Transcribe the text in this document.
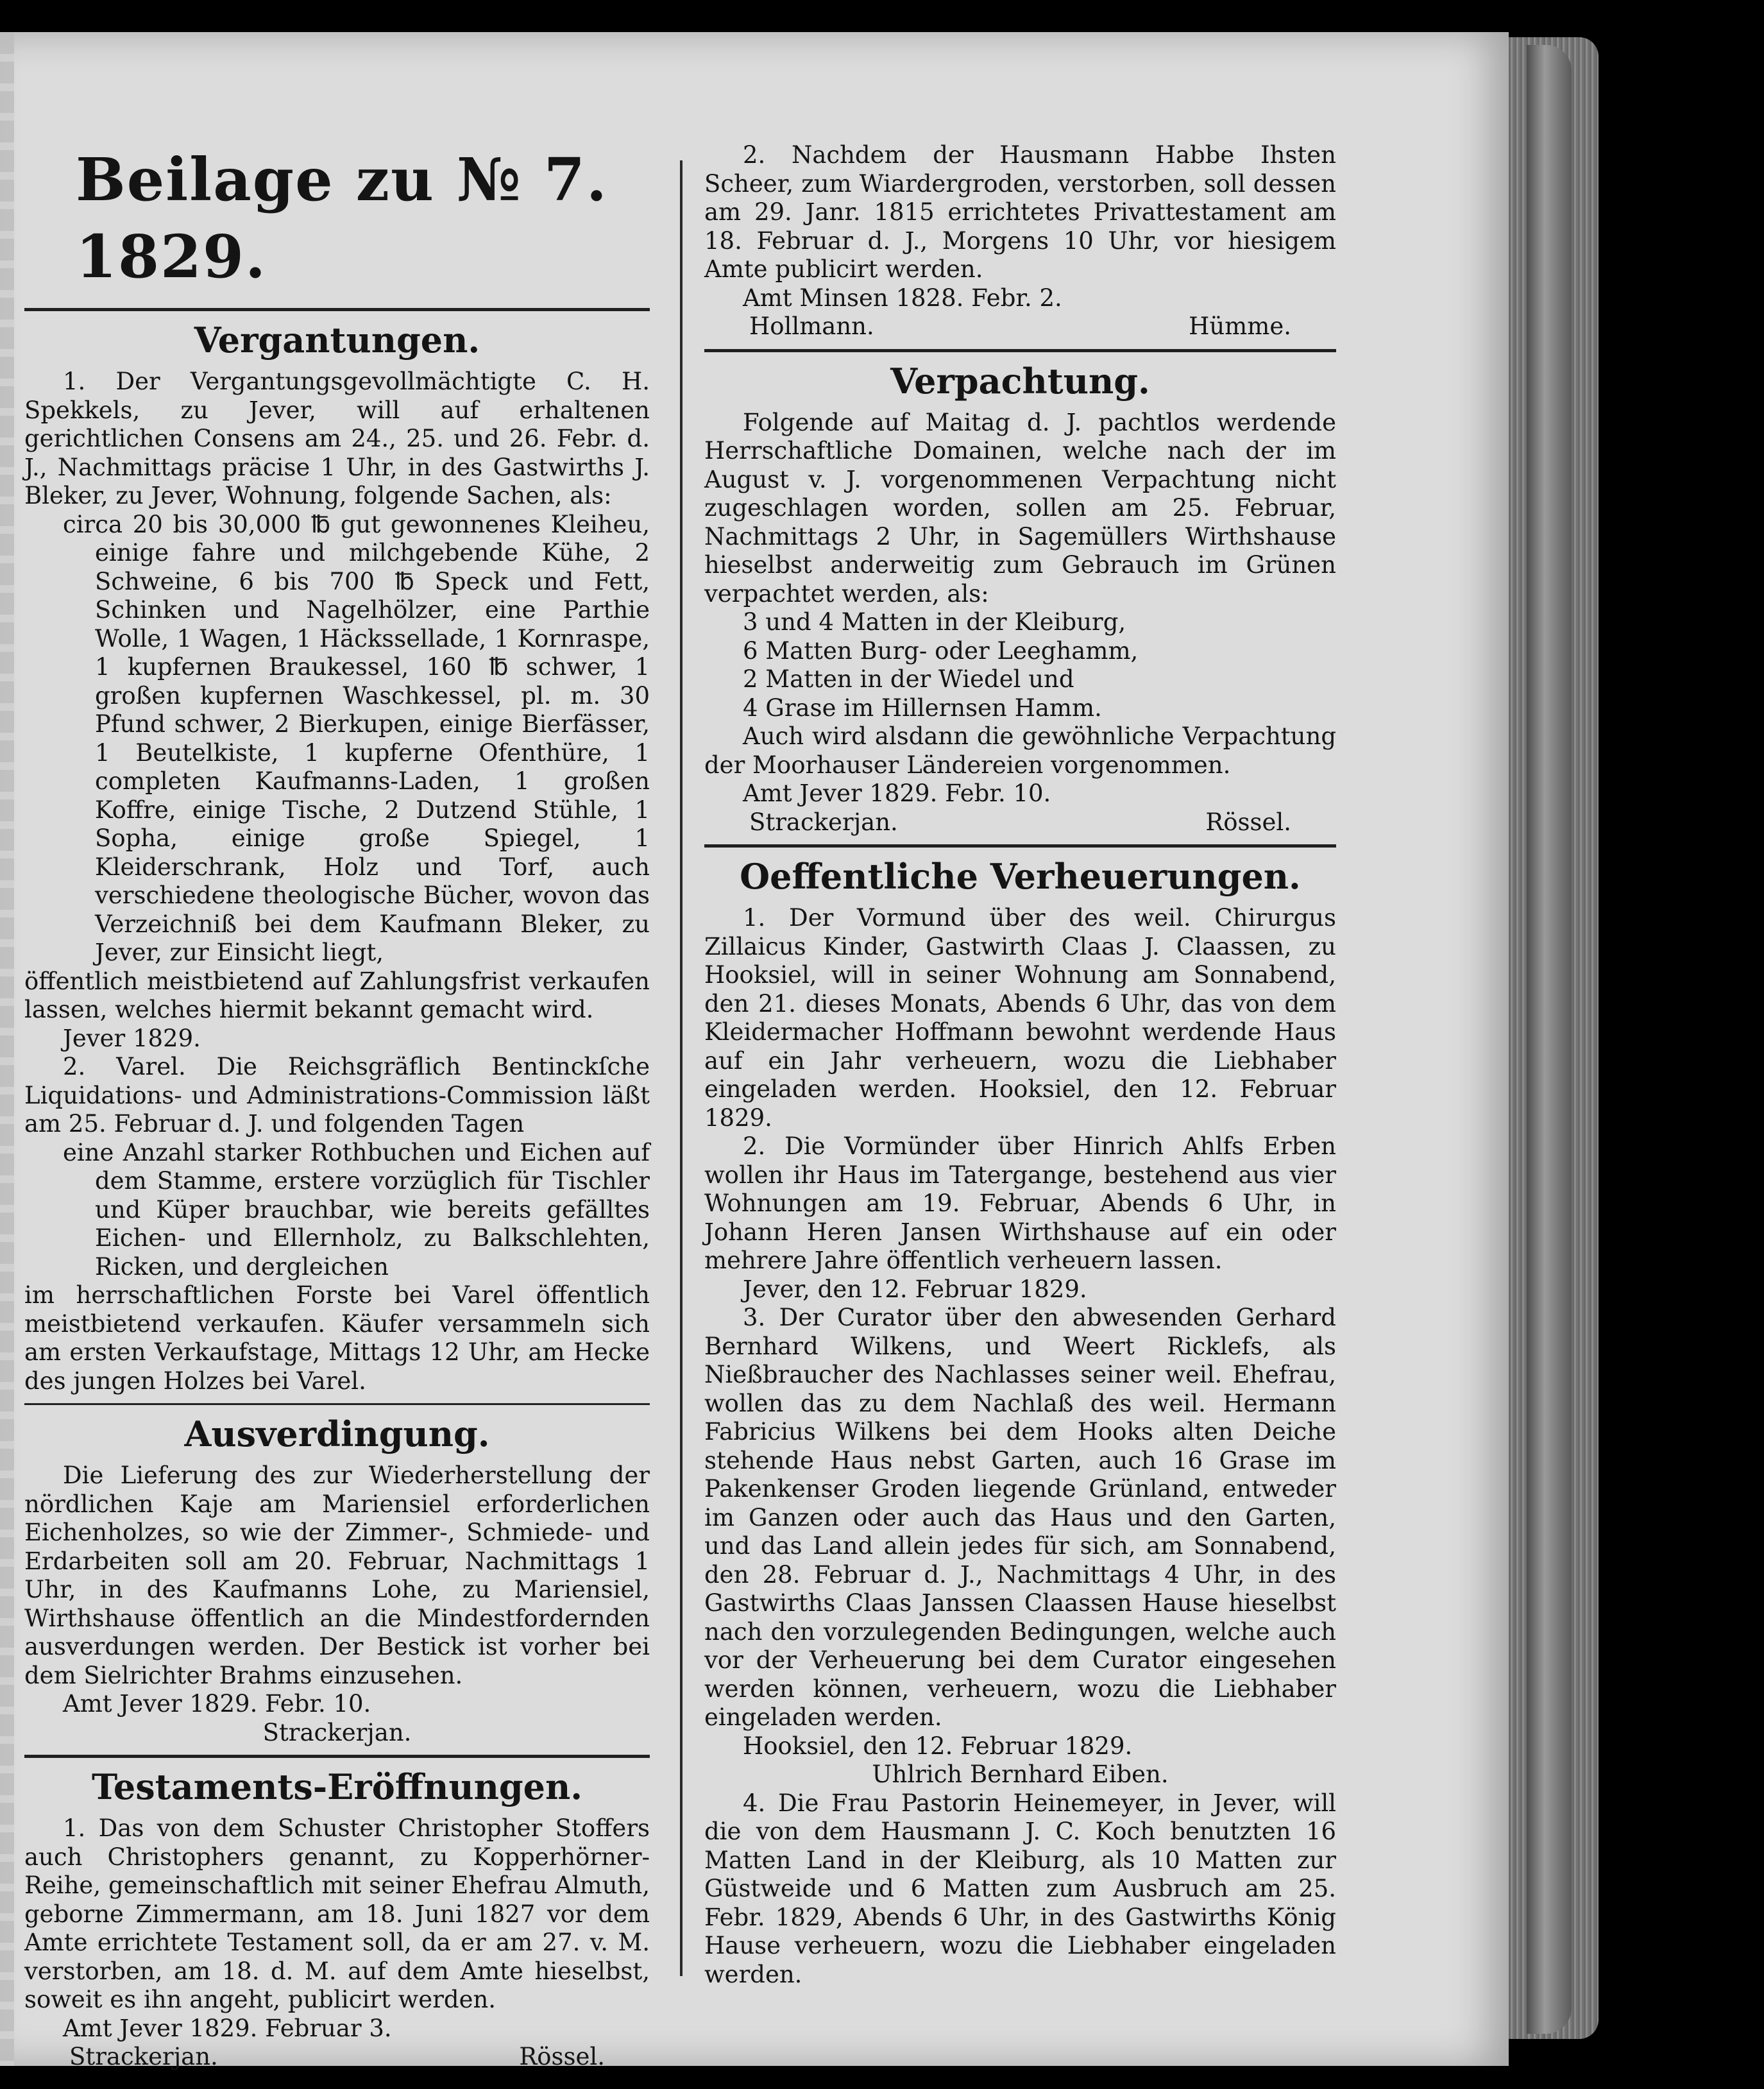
Beilage zu № 7. 1829.
Vergantungen.

1. Der Vergantungsgevollmächtigte C. H. Spekkels, zu Jever, will auf erhaltenen gerichtlichen Consens am 24., 25. und 26. Febr. d. J., Nachmittags präcise 1 Uhr, in des Gastwirths J. Bleker, zu Jever, Wohnung, folgende Sachen, als:

circa 20 bis 30,000 ℔ gut gewonnenes Kleiheu, einige fahre und milchgebende Kühe, 2 Schweine, 6 bis 700 ℔ Speck und Fett, Schinken und Nagelhölzer, eine Parthie Wolle, 1 Wagen, 1 Häckssellade, 1 Kornraspe, 1 kupfernen Braukessel, 160 ℔ schwer, 1 großen kupfernen Waschkessel, pl. m. 30 Pfund schwer, 2 Bierkupen, einige Bierfässer, 1 Beutelkiste, 1 kupferne Ofenthüre, 1 completen Kaufmanns-Laden, 1 großen Koffre, einige Tische, 2 Dutzend Stühle, 1 Sopha, einige große Spiegel, 1 Kleiderschrank, Holz und Torf, auch verschiedene theologische Bücher, wovon das Verzeichniß bei dem Kaufmann Bleker, zu Jever, zur Einsicht liegt,

öffentlich meistbietend auf Zahlungsfrist verkaufen lassen, welches hiermit bekannt gemacht wird.

Jever 1829.

2. Varel. Die Reichsgräflich Bentinckſche Liquidations- und Administrations-Commission läßt am 25. Februar d. J. und folgenden Tagen

eine Anzahl starker Rothbuchen und Eichen auf dem Stamme, erstere vorzüglich für Tischler und Küper brauchbar, wie bereits gefälltes Eichen- und Ellernholz, zu Balkschlehten, Ricken, und dergleichen

im herrschaftlichen Forste bei Varel öffentlich meistbietend verkaufen. Käufer versammeln sich am ersten Verkaufstage, Mittags 12 Uhr, am Hecke des jungen Holzes bei Varel.

Ausverdingung.

Die Lieferung des zur Wiederherstellung der nördlichen Kaje am Mariensiel erforderlichen Eichenholzes, so wie der Zimmer-, Schmiede- und Erdarbeiten soll am 20. Februar, Nachmittags 1 Uhr, in des Kaufmanns Lohe, zu Mariensiel, Wirthshause öffentlich an die Mindestfordernden ausverdungen werden. Der Bestick ist vorher bei dem Sielrichter Brahms einzusehen.

Amt Jever 1829. Febr. 10.

Strackerjan.

Testaments-Eröffnungen.

1. Das von dem Schuster Christopher Stoffers auch Christophers genannt, zu Kopperhörner-Reihe, gemeinschaftlich mit seiner Ehefrau Almuth, geborne Zimmermann, am 18. Juni 1827 vor dem Amte errichtete Testament soll, da er am 27. v. M. verstorben, am 18. d. M. auf dem Amte hieselbst, soweit es ihn angeht, publicirt werden.

Amt Jever 1829. Februar 3.

Strackerjan.	Rössel.

2. Nachdem der Hausmann Habbe Ihsten Scheer, zum Wiardergroden, verstorben, soll dessen am 29. Janr. 1815 errichtetes Privattestament am 18. Februar d. J., Morgens 10 Uhr, vor hiesigem Amte publicirt werden.

Amt Minsen 1828. Febr. 2.

Hollmann.	Hümme.
Verpachtung.

Folgende auf Maitag d. J. pachtlos werdende Herrschaftliche Domainen, welche nach der im August v. J. vorgenommenen Verpachtung nicht zugeschlagen worden, sollen am 25. Februar, Nachmittags 2 Uhr, in Sagemüllers Wirthshause hieselbst anderweitig zum Gebrauch im Grünen verpachtet werden, als:

3 und 4 Matten in der Kleiburg,

6 Matten Burg- oder Leeghamm,

2 Matten in der Wiedel und

4 Grase im Hillernsen Hamm.

Auch wird alsdann die gewöhnliche Verpachtung der Moorhauser Ländereien vorgenommen.

Amt Jever 1829. Febr. 10.

Strackerjan.	Rössel.
Oeffentliche Verheuerungen.

1. Der Vormund über des weil. Chirurgus Zillaicus Kinder, Gastwirth Claas J. Claassen, zu Hooksiel, will in seiner Wohnung am Sonnabend, den 21. dieses Monats, Abends 6 Uhr, das von dem Kleidermacher Hoffmann bewohnt werdende Haus auf ein Jahr verheuern, wozu die Liebhaber eingeladen werden. Hooksiel, den 12. Februar 1829.

2. Die Vormünder über Hinrich Ahlfs Erben wollen ihr Haus im Tatergange, bestehend aus vier Wohnungen am 19. Februar, Abends 6 Uhr, in Johann Heren Jansen Wirthshause auf ein oder mehrere Jahre öffentlich verheuern lassen.

Jever, den 12. Februar 1829.

3. Der Curator über den abwesenden Gerhard Bernhard Wilkens, und Weert Ricklefs, als Nießbraucher des Nachlasses seiner weil. Ehefrau, wollen das zu dem Nachlaß des weil. Hermann Fabricius Wilkens bei dem Hooks alten Deiche stehende Haus nebst Garten, auch 16 Grase im Pakenkenser Groden liegende Grünland, entweder im Ganzen oder auch das Haus und den Garten, und das Land allein jedes für sich, am Sonnabend, den 28. Februar d. J., Nachmittags 4 Uhr, in des Gastwirths Claas Janssen Claassen Hause hieselbst nach den vorzulegenden Bedingungen, welche auch vor der Verheuerung bei dem Curator eingesehen werden können, verheuern, wozu die Liebhaber eingeladen werden.

Hooksiel, den 12. Februar 1829.

Uhlrich Bernhard Eiben.

4. Die Frau Pastorin Heinemeyer, in Jever, will die von dem Hausmann J. C. Koch benutzten 16 Matten Land in der Kleiburg, als 10 Matten zur Güstweide und 6 Matten zum Ausbruch am 25. Febr. 1829, Abends 6 Uhr, in des Gastwirths König Hause verheuern, wozu die Liebhaber eingeladen werden.
